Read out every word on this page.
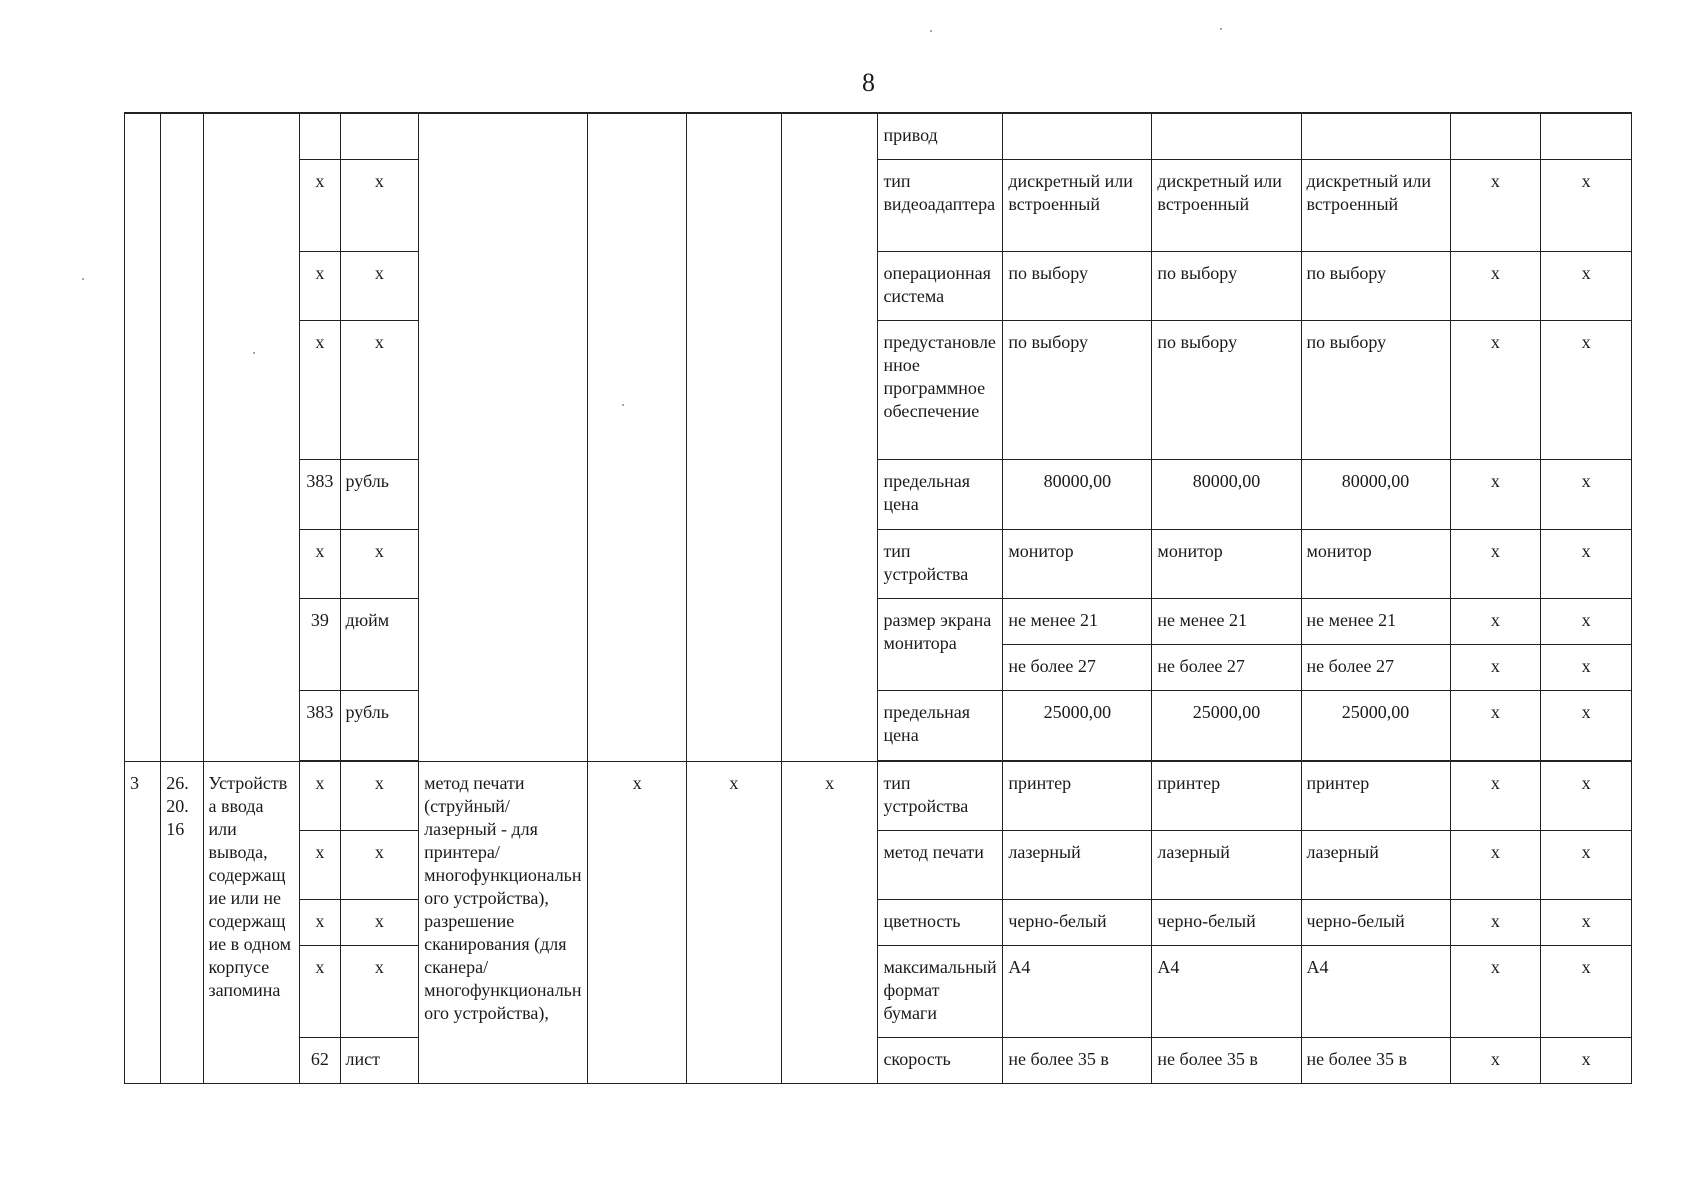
8
									привод					
			х	х					тип видеоадаптера	дискретный или встроенный	дискретный или встроенный	дискретный или встроенный	х	х
			х	х					операционная система	по выбору	по выбору	по выбору	х	х
			х	х					предустановленное программное обеспечение	по выбору	по выбору	по выбору	х	х
			383	рубль					предельная цена	80000,00	80000,00	80000,00	х	х
			х	х					тип устройства	монитор	монитор	монитор	х	х
			39	дюйм					размер экрана монитора	не менее 21	не менее 21	не менее 21	х	х
										не более 27	не более 27	не более 27	х	х
			383	рубль					предельная цена	25000,00	25000,00	25000,00	х	х

3	26.20.16	Устройства ввода или вывода, содержащие или не содержащие в одном корпусе запомина	х	х	метод печати (струйный/лазерный - для принтера/многофункционального устройства), разрешение сканирования (для сканера/многофункционального устройства),	х	х	х	тип устройства	принтер	принтер	принтер	х	х
			х	х					метод печати	лазерный	лазерный	лазерный	х	х
			х	х					цветность	черно-белый	черно-белый	черно-белый	х	х
			х	х					максимальный формат бумаги	А4	А4	А4	х	х
			62	лист					скорость	не более 35 в	не более 35 в	не более 35 в	х	х
